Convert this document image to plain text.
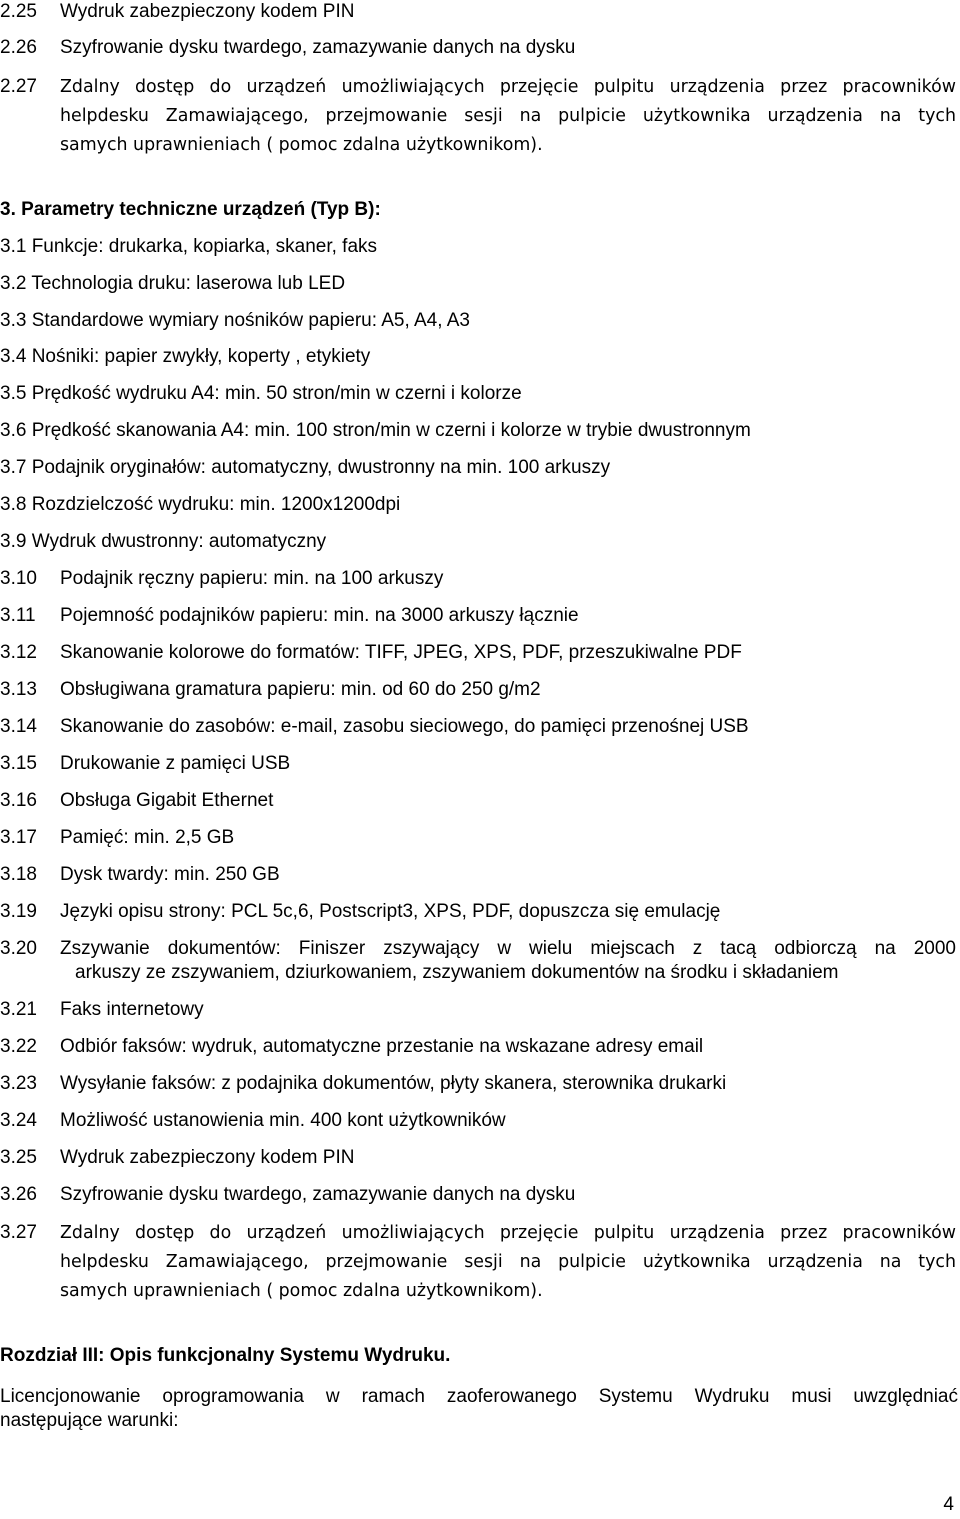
2.25 Wydruk zabezpieczony kodem PIN
2.26 Szyfrowanie dysku twardego, zamazywanie danych na dysku
2.27 Zdalny dostęp do urządzeń umożliwiających przejęcie pulpitu urządzenia przez pracowników
helpdesku Zamawiającego, przejmowanie sesji na pulpicie użytkownika urządzenia na tych
samych uprawnieniach ( pomoc zdalna użytkownikom).
3. Parametry techniczne urządzeń (Typ B):
3.1 Funkcje: drukarka, kopiarka, skaner, faks
3.2 Technologia druku: laserowa lub LED
3.3 Standardowe wymiary nośników papieru: A5, A4, A3
3.4 Nośniki: papier zwykły, koperty , etykiety
3.5 Prędkość wydruku A4: min. 50 stron/min w czerni i kolorze
3.6 Prędkość skanowania A4: min. 100 stron/min w czerni i kolorze w trybie dwustronnym
3.7 Podajnik oryginałów: automatyczny, dwustronny na min. 100 arkuszy
3.8 Rozdzielczość wydruku: min. 1200x1200dpi
3.9 Wydruk dwustronny: automatyczny
3.10 Podajnik ręczny papieru: min. na 100 arkuszy
3.11 Pojemność podajników papieru: min. na 3000 arkuszy łącznie
3.12 Skanowanie kolorowe do formatów: TIFF, JPEG, XPS, PDF, przeszukiwalne PDF
3.13 Obsługiwana gramatura papieru: min. od 60 do 250 g/m2
3.14 Skanowanie do zasobów: e-mail, zasobu sieciowego, do pamięci przenośnej USB
3.15 Drukowanie z pamięci USB
3.16 Obsługa Gigabit Ethernet
3.17 Pamięć: min. 2,5 GB
3.18 Dysk twardy: min. 250 GB
3.19 Języki opisu strony: PCL 5c,6, Postscript3, XPS, PDF, dopuszcza się emulację
3.20 Zszywanie dokumentów: Finiszer zszywający w wielu miejscach z tacą odbiorczą na 2000
arkuszy ze zszywaniem, dziurkowaniem, zszywaniem dokumentów na środku i składaniem
3.21 Faks internetowy
3.22 Odbiór faksów: wydruk, automatyczne przestanie na wskazane adresy email
3.23 Wysyłanie faksów: z podajnika dokumentów, płyty skanera, sterownika drukarki
3.24 Możliwość ustanowienia min. 400 kont użytkowników
3.25 Wydruk zabezpieczony kodem PIN
3.26 Szyfrowanie dysku twardego, zamazywanie danych na dysku
3.27 Zdalny dostęp do urządzeń umożliwiających przejęcie pulpitu urządzenia przez pracowników
helpdesku Zamawiającego, przejmowanie sesji na pulpicie użytkownika urządzenia na tych
samych uprawnieniach ( pomoc zdalna użytkownikom).
Rozdział III: Opis funkcjonalny Systemu Wydruku.
Licencjonowanie oprogramowania w ramach zaoferowanego Systemu Wydruku musi uwzględniać
następujące warunki:
4
